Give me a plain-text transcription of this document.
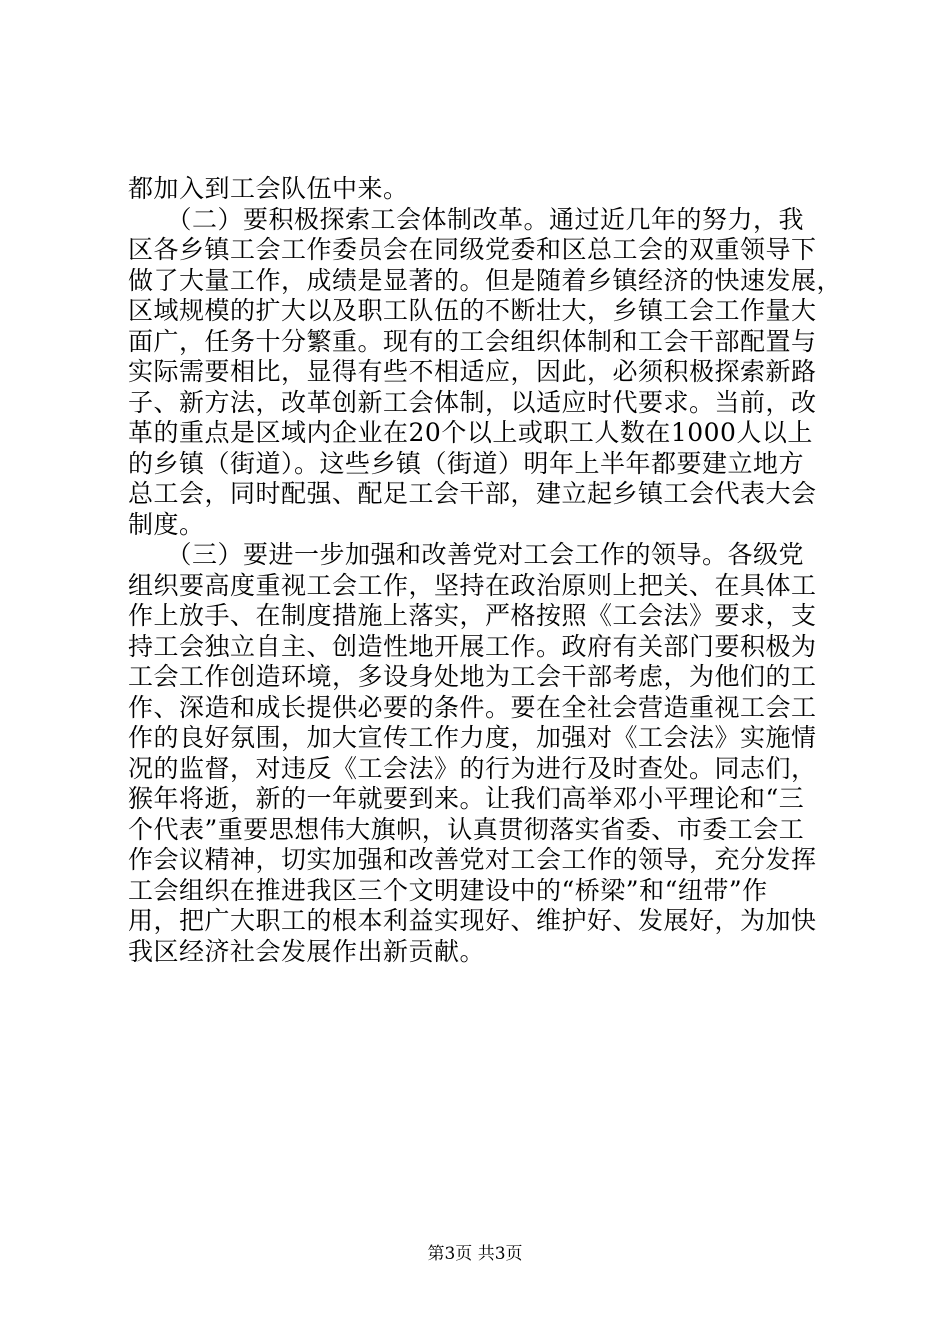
都加入到工会队伍中来。
　　（二）要积极探索工会体制改革。通过近几年的努力，我
区各乡镇工会工作委员会在同级党委和区总工会的双重领导下
做了大量工作，成绩是显著的。但是随着乡镇经济的快速发展，
区域规模的扩大以及职工队伍的不断壮大，乡镇工会工作量大
面广，任务十分繁重。现有的工会组织体制和工会干部配置与
实际需要相比，显得有些不相适应，因此，必须积极探索新路
子、新方法，改革创新工会体制，以适应时代要求。当前，改
革的重点是区域内企业在20个以上或职工人数在1000人以上
的乡镇（街道）。这些乡镇（街道）明年上半年都要建立地方
总工会，同时配强、配足工会干部，建立起乡镇工会代表大会
制度。
　　（三）要进一步加强和改善党对工会工作的领导。各级党
组织要高度重视工会工作，坚持在政治原则上把关、在具体工
作上放手、在制度措施上落实，严格按照《工会法》要求，支
持工会独立自主、创造性地开展工作。政府有关部门要积极为
工会工作创造环境，多设身处地为工会干部考虑，为他们的工
作、深造和成长提供必要的条件。要在全社会营造重视工会工
作的良好氛围，加大宣传工作力度，加强对《工会法》实施情
况的监督，对违反《工会法》的行为进行及时查处。同志们，
猴年将逝，新的一年就要到来。让我们高举邓小平理论和“三
个代表”重要思想伟大旗帜，认真贯彻落实省委、市委工会工
作会议精神，切实加强和改善党对工会工作的领导，充分发挥
工会组织在推进我区三个文明建设中的“桥梁”和“纽带”作
用，把广大职工的根本利益实现好、维护好、发展好，为加快
我区经济社会发展作出新贡献。
第3页 共3页
